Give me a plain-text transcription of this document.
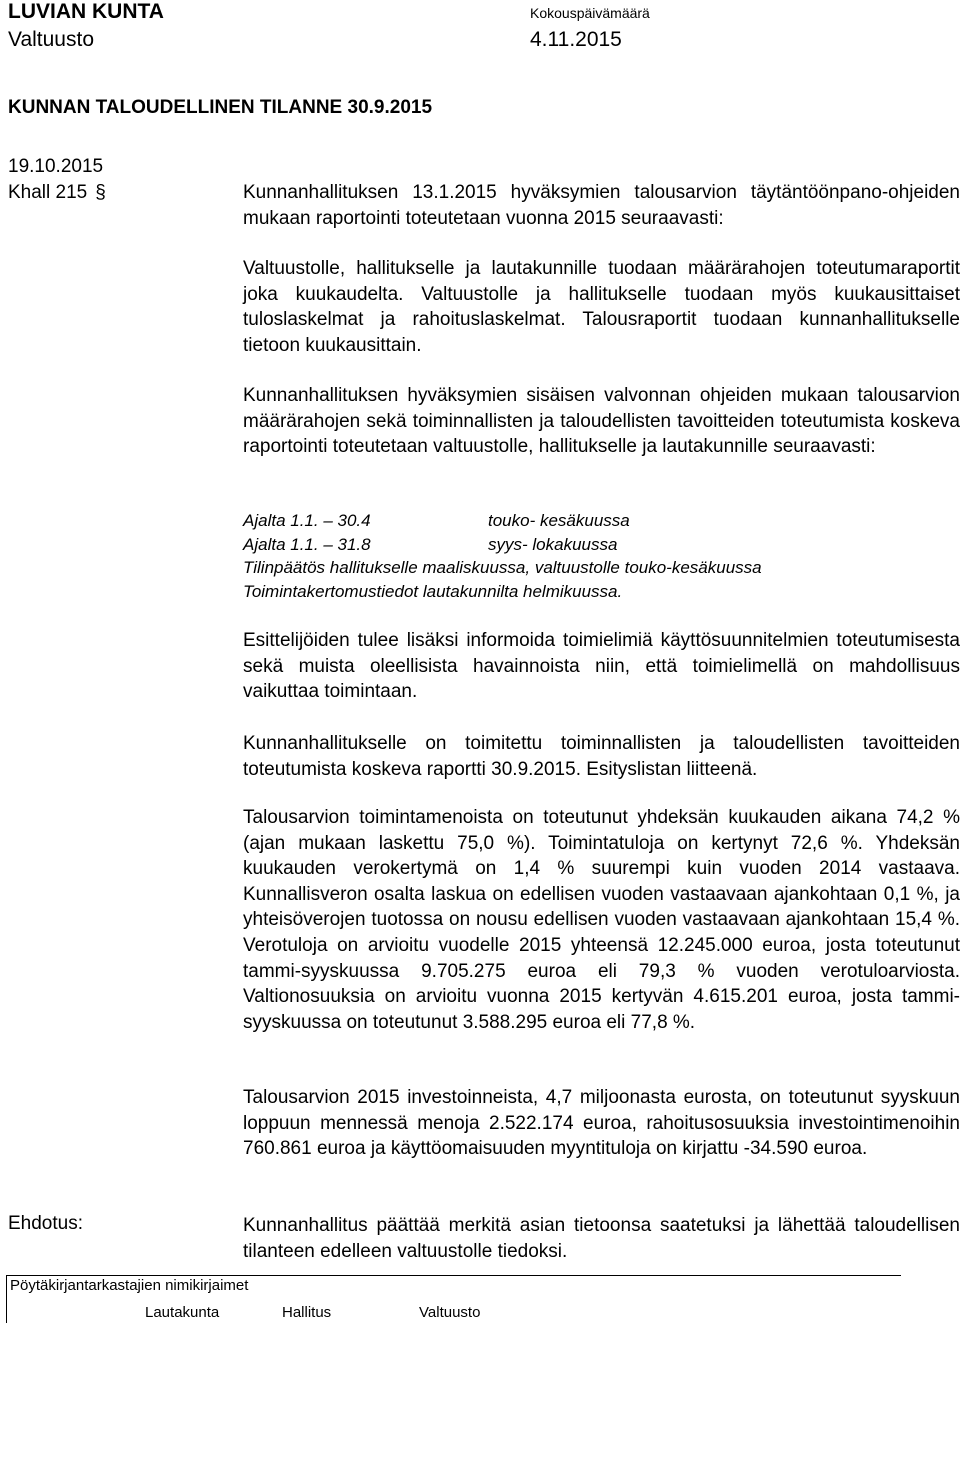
LUVIAN KUNTA
Valtuusto
Kokouspäivämäärä
4.11.2015
KUNNAN TALOUDELLINEN TILANNE 30.9.2015
19.10.2015
Khall 215 §	Kunnanhallituksen 13.1.2015 hyväksymien talousarvion täytäntöönpano-ohjeiden mukaan raportointi toteutetaan vuonna 2015 seuraavasti:

Valtuustolle, hallitukselle ja lautakunnille tuodaan määrärahojen toteutumaraportit joka kuukaudelta. Valtuustolle ja hallitukselle tuodaan myös kuukausittaiset tuloslaskelmat ja rahoituslaskelmat. Talousraportit tuodaan kunnanhallitukselle tietoon kuukausittain.

Kunnanhallituksen hyväksymien sisäisen valvonnan ohjeiden mukaan talousarvion määrärahojen sekä toiminnallisten ja taloudellisten tavoitteiden toteutumista koskeva raportointi toteutetaan valtuustolle, hallitukselle ja lautakunnille seuraavasti:

Ajalta 1.1. – 30.4	touko- kesäkuussa
Ajalta 1.1. – 31.8	syys- lokakuussa
Tilinpäätös hallitukselle maaliskuussa, valtuustolle touko-kesäkuussa
Toimintakertomustiedot lautakunnilta helmikuussa.

Esittelijöiden tulee lisäksi informoida toimielimiä käyttösuunnitelmien toteutumisesta sekä muista oleellisista havainnoista niin, että toimielimellä on mahdollisuus vaikuttaa toimintaan.

Kunnanhallitukselle on toimitettu toiminnallisten ja taloudellisten tavoitteiden toteutumista koskeva raportti 30.9.2015. Esityslistan liitteenä.

Talousarvion toimintamenoista on toteutunut yhdeksän kuukauden aikana 74,2 % (ajan mukaan laskettu 75,0 %). Toimintatuloja on kertynyt 72,6 %. Yhdeksän kuukauden verokertymä on 1,4 % suurempi kuin vuoden 2014 vastaava. Kunnallisveron osalta laskua on edellisen vuoden vastaavaan ajankohtaan 0,1 %, ja yhteisöverojen tuotossa on nousu edellisen vuoden vastaavaan ajankohtaan 15,4 %. Verotuloja on arvioitu vuodelle 2015 yhteensä 12.245.000 euroa, josta toteutunut tammi-syyskuussa 9.705.275 euroa eli 79,3 % vuoden verotuloarviosta. Valtionosuuksia on arvioitu vuonna 2015 kertyvän 4.615.201 euroa, josta tammi-syyskuussa on toteutunut 3.588.295 euroa eli 77,8 %.

Talousarvion 2015 investoinneista, 4,7 miljoonasta eurosta, on toteutunut syyskuun loppuun mennessä menoja 2.522.174 euroa, rahoitusosuuksia investointimenoihin 760.861 euroa ja käyttöomaisuuden myyntituloja on kirjattu -34.590 euroa.

Ehdotus:	Kunnanhallitus päättää merkitä asian tietoonsa saatetuksi ja lähettää taloudellisen tilanteen edelleen valtuustolle tiedoksi.

Pöytäkirjantarkastajien nimikirjaimet
Lautakunta	Hallitus	Valtuusto
